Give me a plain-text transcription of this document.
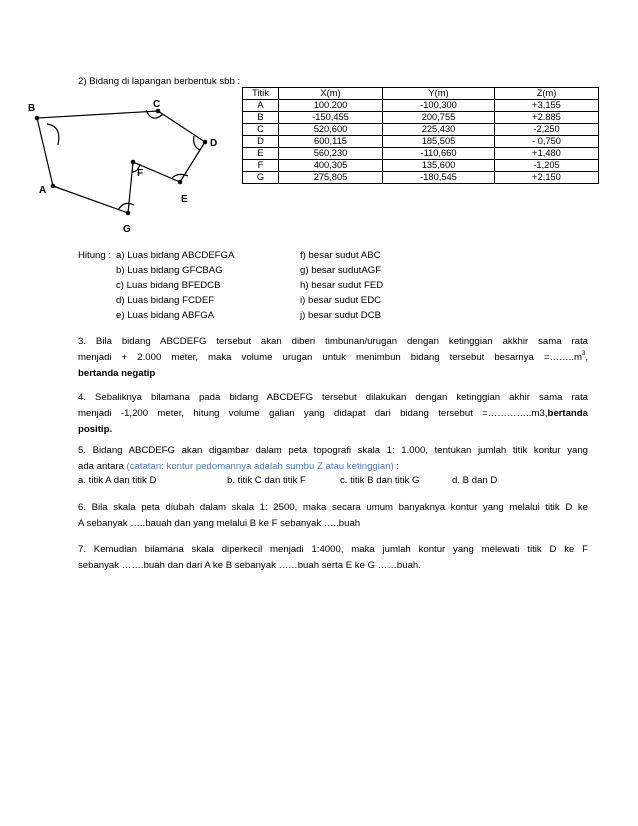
2) Bidang di lapangan berbentuk sbb :
A
B	C
D
E
F
G
Titik	X(m)	Y(m)	Z(m)
A	100.200	-100,300	+3,155
B	-150,455	200,755	+2.885
C	520,600	225,430	-2,250
D	600,115	185,505	- 0,750
E	560,230	-110,660	+1,480
F	400,305	135,600	-1,205
G	275,805	-180,545	+2,150
Hitung : a) Luas bidang ABCDEFGA
b) Luas bidang GFCBAG
c) Luas bidang BFEDCB
d) Luas bidang FCDEF
e) Luas bidang ABFGA
f) besar sudut ABC
g) besar sudutAGF
h) besar sudut FED
i) besar sudut EDC
j) besar sudut DCB
3. Bila bidang ABCDEFG tersebut akan diberi timbunan/urugan dengan ketinggian akkhir sama rata
menjadi + 2.000 meter, maka volume urugan untuk menimbun bidang tersebut besarnya $=\dots\dots..m^3$,
bertanda negatip
4. Sebaliknya bilamana pada bidang ABCDEFG tersebut dilakukan dengan ketinggian akhir sama rata
menjadi -1,200 meter, hitung volume galian yang didapat dari bidang tersebut =…………..m3,bertanda
positip.
5. Bidang ABCDEFG akan digambar dalam peta topografi skala 1: 1.000, tentukan jumlah titik kontur yang
ada antara (catatan: kontur pedomannya adalah sumbu Z atau ketinggian) :
a. titik A dan titik D	b. titik C dan titik F	c. titik B dan titik G	d. B dan D
6. Bila skala peta diubah dalam skala 1: 2500, maka secara umum banyaknya kontur yang melalui titik D ke
A sebanyak …..bauah dan yang melalui B ke F sebanyak …..buah
7. Kemudian bilamana skala diperkecil menjadi 1:4000, maka jumlah kontur yang melewati titik D ke F
sebanyak …….buah dan dari A ke B sebanyak ……buah serta E ke G ……buah.
